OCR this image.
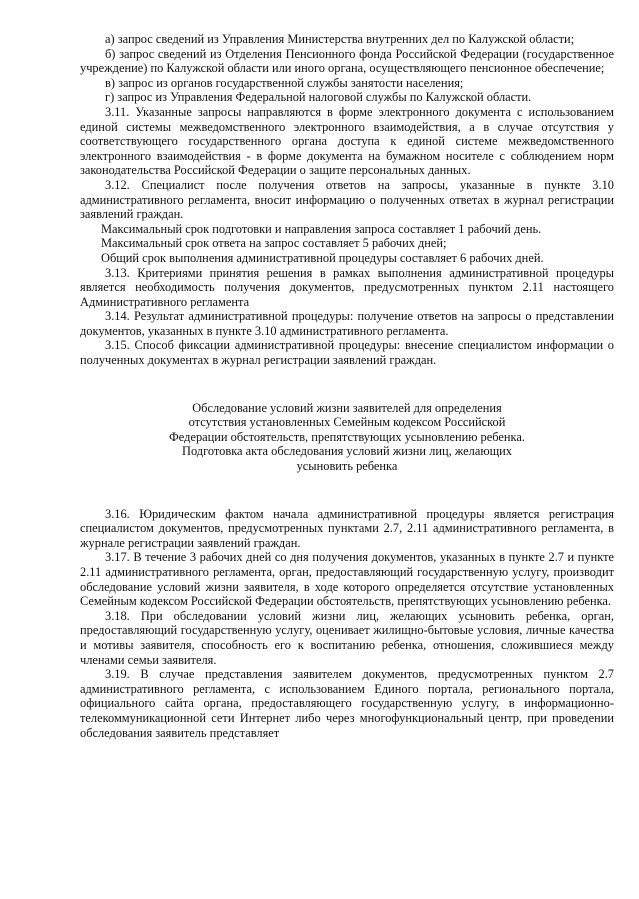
а) запрос сведений из Управления Министерства внутренних дел по Калужской области;

б) запрос сведений из Отделения Пенсионного фонда Российской Федерации (государственное учреждение) по Калужской области или иного органа, осуществляющего пенсионное обеспечение;

в) запрос из органов государственной службы занятости населения;

г) запрос из Управления Федеральной налоговой службы по Калужской области.

3.11. Указанные запросы направляются в форме электронного документа с использованием единой системы межведомственного электронного взаимодействия, а в случае отсутствия у соответствующего государственного органа доступа к единой системе межведомственного электронного взаимодействия - в форме документа на бумажном носителе с соблюдением норм законодательства Российской Федерации о защите персональных данных.

3.12. Специалист после получения ответов на запросы, указанные в пункте 3.10 административного регламента, вносит информацию о полученных ответах в журнал регистрации заявлений граждан.

Максимальный срок подготовки и направления запроса составляет 1 рабочий день.

Максимальный срок ответа на запрос составляет 5 рабочих дней;

Общий срок выполнения административной процедуры составляет 6 рабочих дней.

3.13. Критериями принятия решения в рамках выполнения административной процедуры является необходимость получения документов, предусмотренных пунктом 2.11 настоящего Административного регламента

3.14. Результат административной процедуры: получение ответов на запросы о представлении документов, указанных в пункте 3.10 административного регламента.

3.15. Способ фиксации административной процедуры: внесение специалистом информации о полученных документах в журнал регистрации заявлений граждан.

Обследование условий жизни заявителей для определения

отсутствия установленных Семейным кодексом Российской

Федерации обстоятельств, препятствующих усыновлению ребенка.

Подготовка акта обследования условий жизни лиц, желающих

усыновить ребенка

3.16. Юридическим фактом начала административной процедуры является регистрация специалистом документов, предусмотренных пунктами 2.7, 2.11 административного регламента, в журнале регистрации заявлений граждан.

3.17. В течение 3 рабочих дней со дня получения документов, указанных в пункте 2.7 и пункте 2.11 административного регламента, орган, предоставляющий государственную услугу, производит обследование условий жизни заявителя, в ходе которого определяется отсутствие установленных Семейным кодексом Российской Федерации обстоятельств, препятствующих усыновлению ребенка.

3.18. При обследовании условий жизни лиц, желающих усыновить ребенка, орган, предоставляющий государственную услугу, оценивает жилищно-бытовые условия, личные качества и мотивы заявителя, способность его к воспитанию ребенка, отношения, сложившиеся между членами семьи заявителя.

3.19. В случае представления заявителем документов, предусмотренных пунктом 2.7 административного регламента, с использованием Единого портала, регионального портала, официального сайта органа, предоставляющего государственную услугу, в информационно-телекоммуникационной сети Интернет либо через многофункциональный центр, при проведении обследования заявитель представляет
